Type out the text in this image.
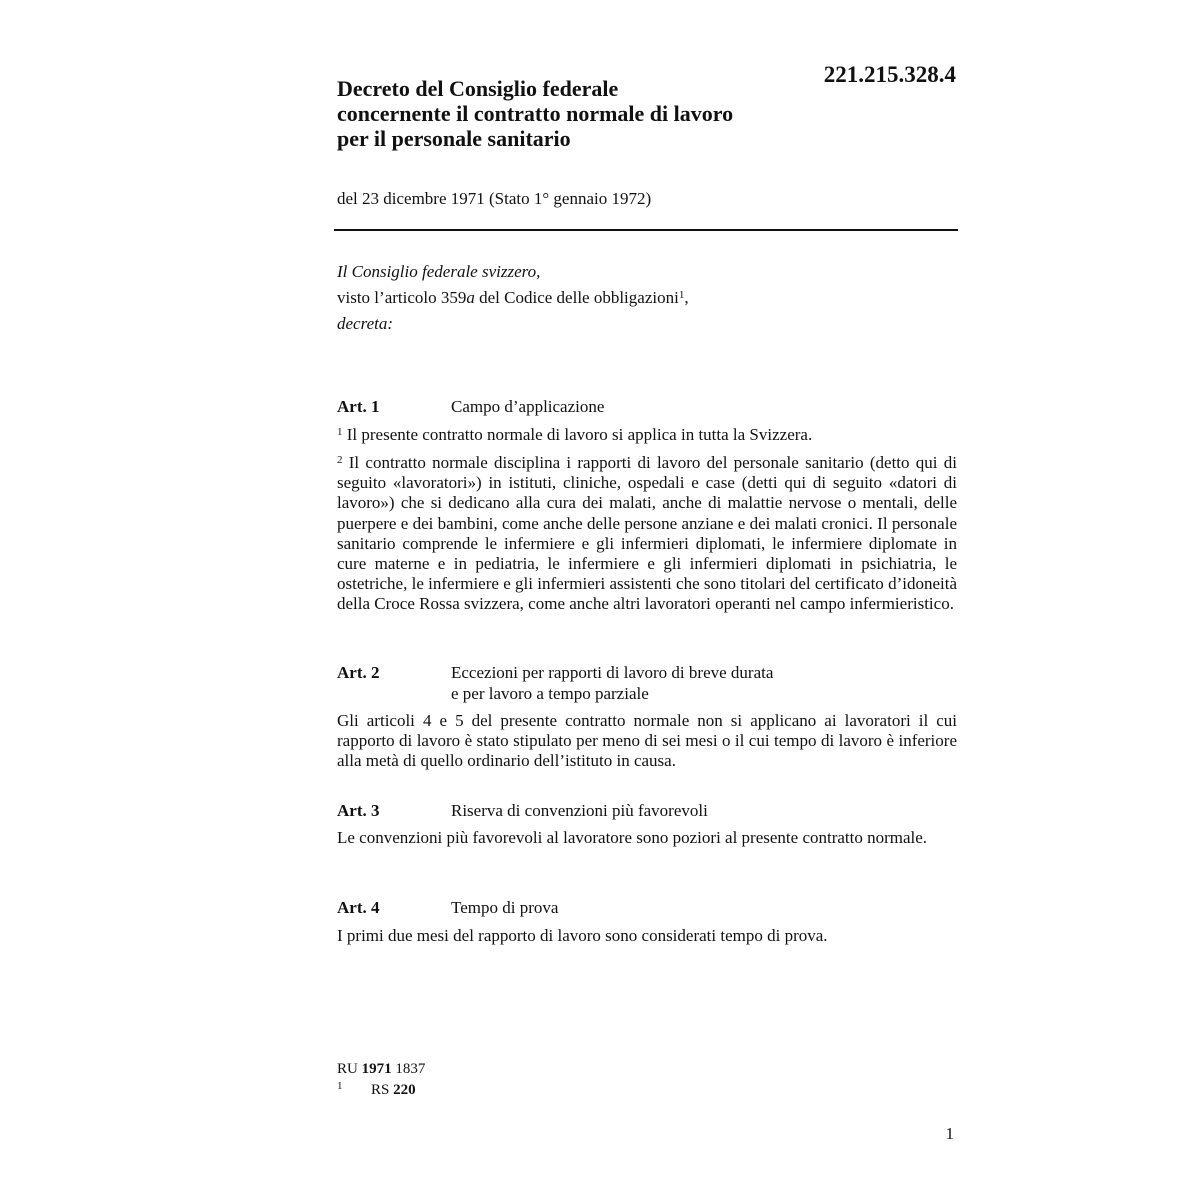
221.215.328.4
Decreto del Consiglio federale
concernente il contratto normale di lavoro
per il personale sanitario
del 23 dicembre 1971 (Stato 1° gennaio 1972)
Il Consiglio federale svizzero,
visto l’articolo 359a del Codice delle obbligazioni$^1$,
decreta:
Art. 1	Campo d’applicazione

$^1$ Il presente contratto normale di lavoro si applica in tutta la Svizzera.

$^2$ Il contratto normale disciplina i rapporti di lavoro del personale sanitario (detto qui di seguito «lavoratori») in istituti, cliniche, ospedali e case (detti qui di seguito «datori di lavoro») che si dedicano alla cura dei malati, anche di malattie nervose o mentali, delle puerpere e dei bambini, come anche delle persone anziane e dei malati cronici. Il personale sanitario comprende le infermiere e gli infermieri diplomati, le infermiere diplomate in cure materne e in pediatria, le infermiere e gli infermieri diplomati in psichiatria, le ostetriche, le infermiere e gli infermieri assistenti che sono titolari del certificato d’idoneità della Croce Rossa svizzera, come anche altri lavoratori operanti nel campo infermieristico.

Art. 2	Eccezioni per rapporti di lavoro di breve durata
e per lavoro a tempo parziale

Gli articoli 4 e 5 del presente contratto normale non si applicano ai lavoratori il cui rapporto di lavoro è stato stipulato per meno di sei mesi o il cui tempo di lavoro è inferiore alla metà di quello ordinario dell’istituto in causa.

Art. 3	Riserva di convenzioni più favorevoli

Le convenzioni più favorevoli al lavoratore sono poziori al presente contratto normale.

Art. 4	Tempo di prova

I primi due mesi del rapporto di lavoro sono considerati tempo di prova.

RU 1971 1837
1 RS 220
1
